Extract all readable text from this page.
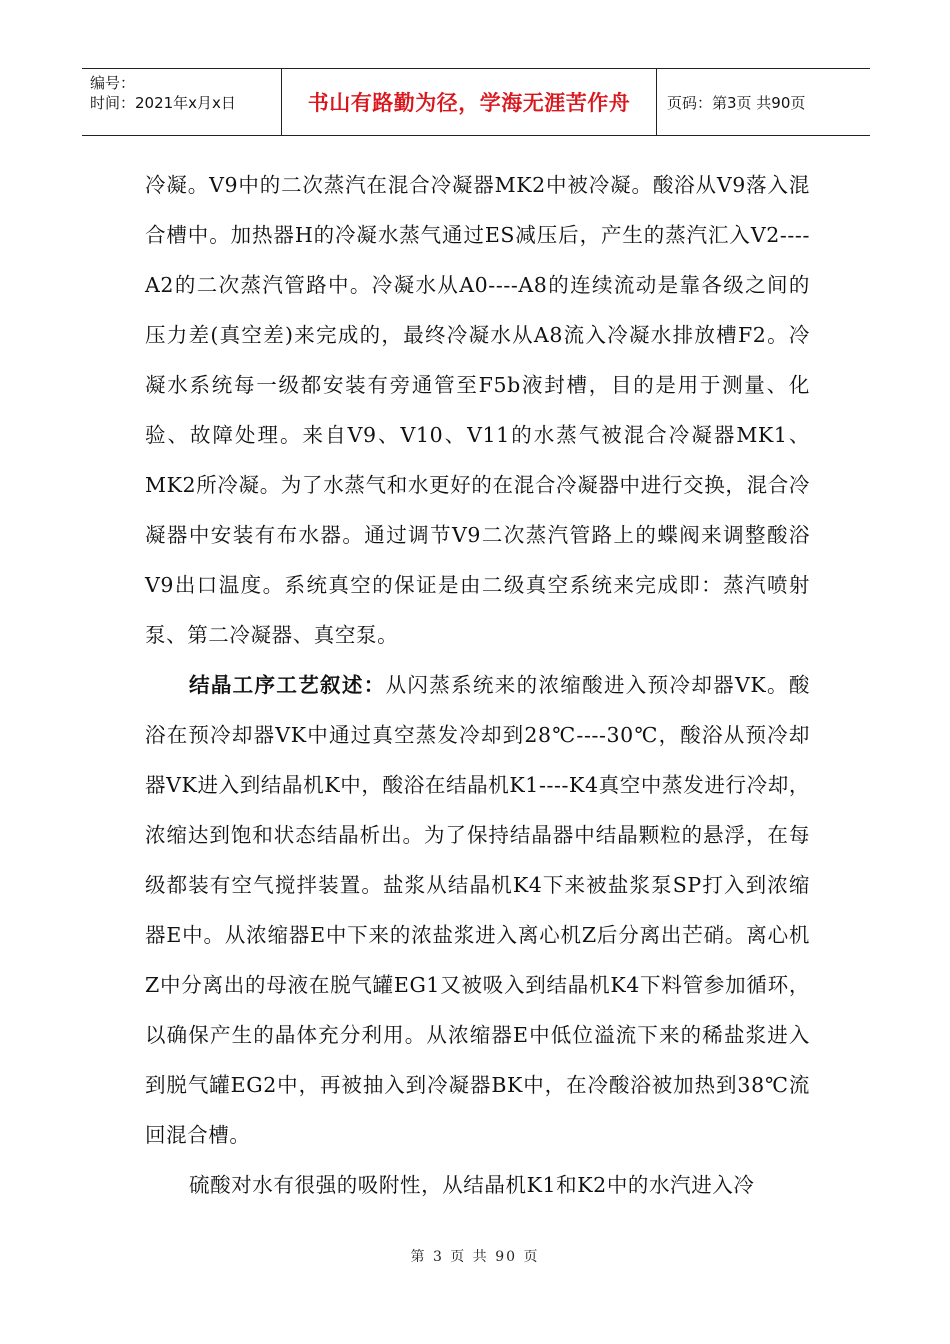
编号：
时间：2021年x月x日	书山有路勤为径，学海无涯苦作舟	页码：第3页 共90页

冷凝。V9中的二次蒸汽在混合冷凝器MK2中被冷凝。酸浴从V9落入混合槽中。加热器H的冷凝水蒸气通过ES减压后，产生的蒸汽汇入V2----A2的二次蒸汽管路中。冷凝水从A0----A8的连续流动是靠各级之间的压力差(真空差)来完成的，最终冷凝水从A8流入冷凝水排放槽F2。冷凝水系统每一级都安装有旁通管至F5b液封槽，目的是用于测量、化验、故障处理。来自V9、V10、V11的水蒸气被混合冷凝器MK1、MK2所冷凝。为了水蒸气和水更好的在混合冷凝器中进行交换，混合冷凝器中安装有布水器。通过调节V9二次蒸汽管路上的蝶阀来调整酸浴V9出口温度。系统真空的保证是由二级真空系统来完成即：蒸汽喷射泵、第二冷凝器、真空泵。

结晶工序工艺叙述：从闪蒸系统来的浓缩酸进入预冷却器VK。酸浴在预冷却器VK中通过真空蒸发冷却到28℃----30℃，酸浴从预冷却器VK进入到结晶机K中，酸浴在结晶机K1----K4真空中蒸发进行冷却，浓缩达到饱和状态结晶析出。为了保持结晶器中结晶颗粒的悬浮，在每级都装有空气搅拌装置。盐浆从结晶机K4下来被盐浆泵SP打入到浓缩器E中。从浓缩器E中下来的浓盐浆进入离心机Z后分离出芒硝。离心机Z中分离出的母液在脱气罐EG1又被吸入到结晶机K4下料管参加循环，以确保产生的晶体充分利用。从浓缩器E中低位溢流下来的稀盐浆进入到脱气罐EG2中，再被抽入到冷凝器BK中，在冷酸浴被加热到38℃流回混合槽。

硫酸对水有很强的吸附性，从结晶机K1和K2中的水汽进入冷

第 3 页 共 90 页
